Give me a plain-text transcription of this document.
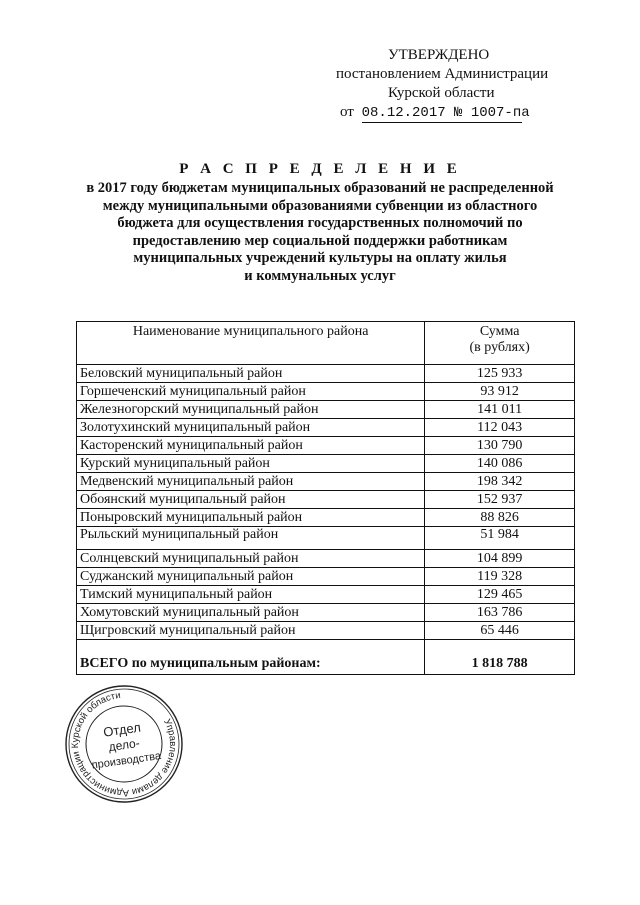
УТВЕРЖДЕНО
постановлением Администрации
Курской области
от 08.12.2017 № 1007-па
Р А С П Р Е Д Е Л Е Н И Е
в 2017 году бюджетам муниципальных образований не распределенной
между муниципальными образованиями субвенции из областного
бюджета для осуществления государственных полномочий по
предоставлению мер социальной поддержки работникам
муниципальных учреждений культуры на оплату жилья
и коммунальных услуг
Наименование муниципального района	Сумма
(в рублях)

Беловский муниципальный район	125 933
Горшеченский муниципальный район	93 912
Железногорский муниципальный район	141 011
Золотухинский муниципальный район	112 043
Касторенский муниципальный район	130 790
Курский муниципальный район	140 086
Медвенский муниципальный район	198 342
Обоянский муниципальный район	152 937
Поныровский муниципальный район	88 826
Рыльский муниципальный район	51 984
Солнцевский муниципальный район	104 899
Суджанский муниципальный район	119 328
Тимский муниципальный район	129 465
Хомутовский муниципальный район	163 786
Щигровский муниципальный район	65 446
ВСЕГО по муниципальным районам:	1 818 788
Управление делами Администрации Курской области
Отдел
дело-
производства
